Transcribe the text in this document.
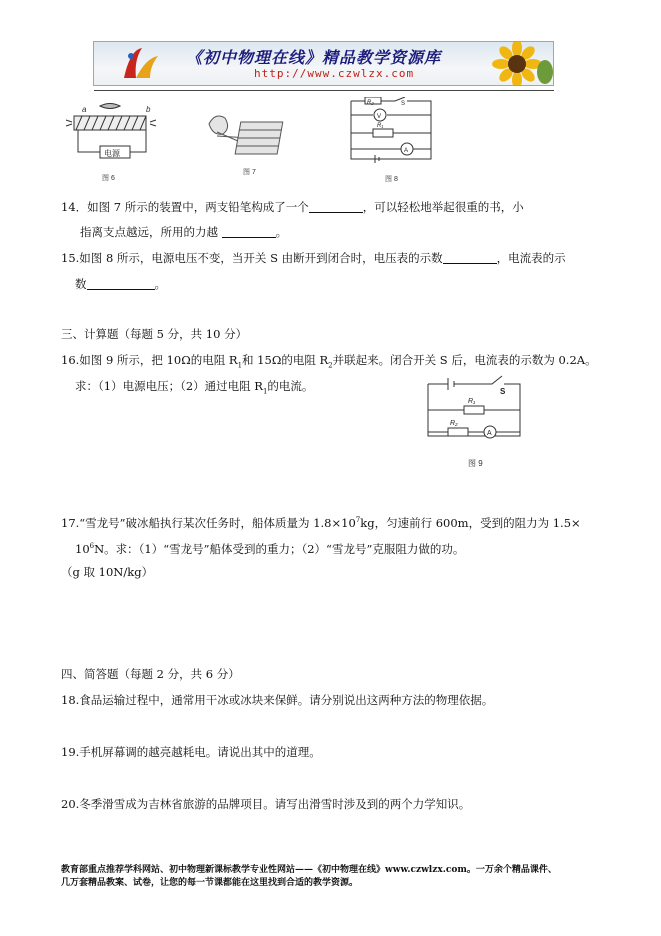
《初中物理在线》精品教学资源库
http://www.czwlzx.com
a	b
电源
图 6
图 7
R₂	S
V
R₁
A
图 8
14．如图 7 所示的装置中，两支铅笔构成了一个	，可以轻松地举起很重的书，小
指离支点越远，所用的力越	。
15.如图 8 所示，电源电压不变，当开关 S 由断开到闭合时，电压表的示数	，电流表的示
数	。
三、计算题（每题 5 分，共 10 分）
16.如图 9 所示，把 10Ω的电阻 $R_1$和 15Ω的电阻 $R_2$并联起来。闭合开关 S 后，电流表的示数为 0.2A。
求：（1）电源电压；（2）通过电阻 $R_1$的电流。	S
R₁
R₂
A
图 9
17.“雪龙号”破冰船执行某次任务时，船体质量为 $1.8\times 10^7kg$，匀速前行 600m，受到的阻力为 1.5×
$10^6N$。求：（1）“雪龙号”船体受到的重力；（2）“雪龙号”克服阻力做的功。
（g 取 10N/kg）
四、简答题（每题 2 分，共 6 分）
18.食品运输过程中，通常用干冰或冰块来保鲜。请分别说出这两种方法的物理依据。
19.手机屏幕调的越亮越耗电。请说出其中的道理。
20.冬季滑雪成为吉林省旅游的品牌项目。请写出滑雪时涉及到的两个力学知识。
教育部重点推荐学科网站、初中物理新课标教学专业性网站——《初中物理在线》www.czwlzx.com。一万余个精品课件、
几万套精品教案、试卷，让您的每一节课都能在这里找到合适的教学资源。
